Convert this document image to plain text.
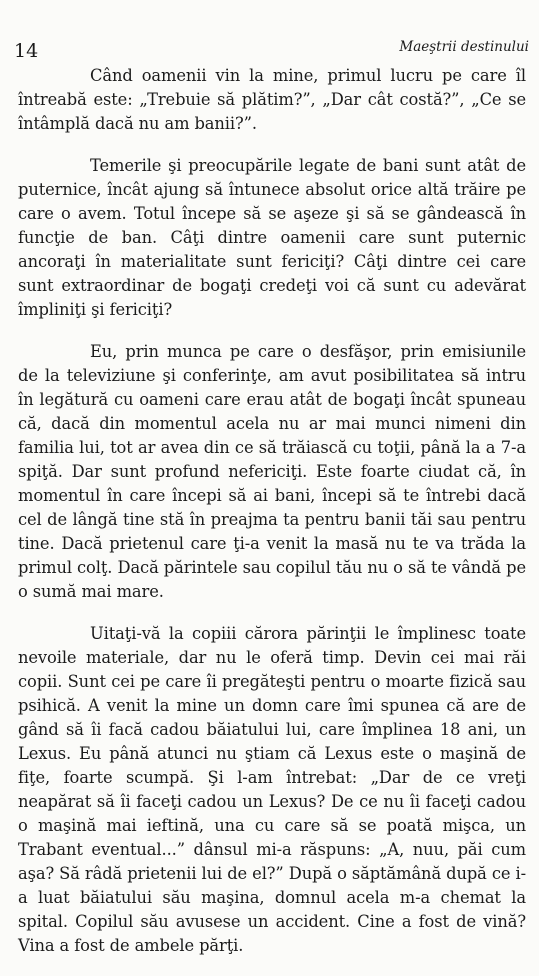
14	Maeştrii destinului

Când oamenii vin la mine, primul lucru pe care îl întreabă este: „Trebuie să plătim?”, „Dar cât costă?”, „Ce se întâmplă dacă nu am banii?”.

Temerile şi preocupările legate de bani sunt atât de puternice, încât ajung să întunece absolut orice altă trăire pe care o avem. Totul începe să se aşeze şi să se gândească în funcţie de ban. Câţi dintre oamenii care sunt puternic ancoraţi în materialitate sunt fericiţi? Câţi dintre cei care sunt extraordinar de bogaţi credeţi voi că sunt cu adevărat împliniţi şi fericiţi?

Eu, prin munca pe care o desfăşor, prin emisiunile de la televiziune şi conferinţe, am avut posibilitatea să intru în legătură cu oameni care erau atât de bogaţi încât spuneau că, dacă din momentul acela nu ar mai munci nimeni din familia lui, tot ar avea din ce să trăiască cu toţii, până la a 7-a spiţă. Dar sunt profund nefericiţi. Este foarte ciudat că, în momentul în care începi să ai bani, începi să te întrebi dacă cel de lângă tine stă în preajma ta pentru banii tăi sau pentru tine. Dacă prietenul care ţi-a venit la masă nu te va trăda la primul colţ. Dacă părintele sau copilul tău nu o să te vândă pe o sumă mai mare.

Uitaţi-vă la copiii cărora părinţii le împlinesc toate nevoile materiale, dar nu le oferă timp. Devin cei mai răi copii. Sunt cei pe care îi pregăteşti pentru o moarte fizică sau psihică. A venit la mine un domn care îmi spunea că are de gând să îi facă cadou băiatului lui, care împlinea 18 ani, un Lexus. Eu până atunci nu ştiam că Lexus este o maşină de fiţe, foarte scumpă. Şi l-am întrebat: „Dar de ce vreţi neapărat să îi faceţi cadou un Lexus? De ce nu îi faceţi cadou o maşină mai ieftină, una cu care să se poată mişca, un Trabant eventual...” dânsul mi-a răspuns: „A, nuu, păi cum aşa? Să râdă prietenii lui de el?” După o săptămână după ce i-a luat băiatului său maşina, domnul acela m-a chemat la spital. Copilul său avusese un accident. Cine a fost de vină? Vina a fost de ambele părţi.
